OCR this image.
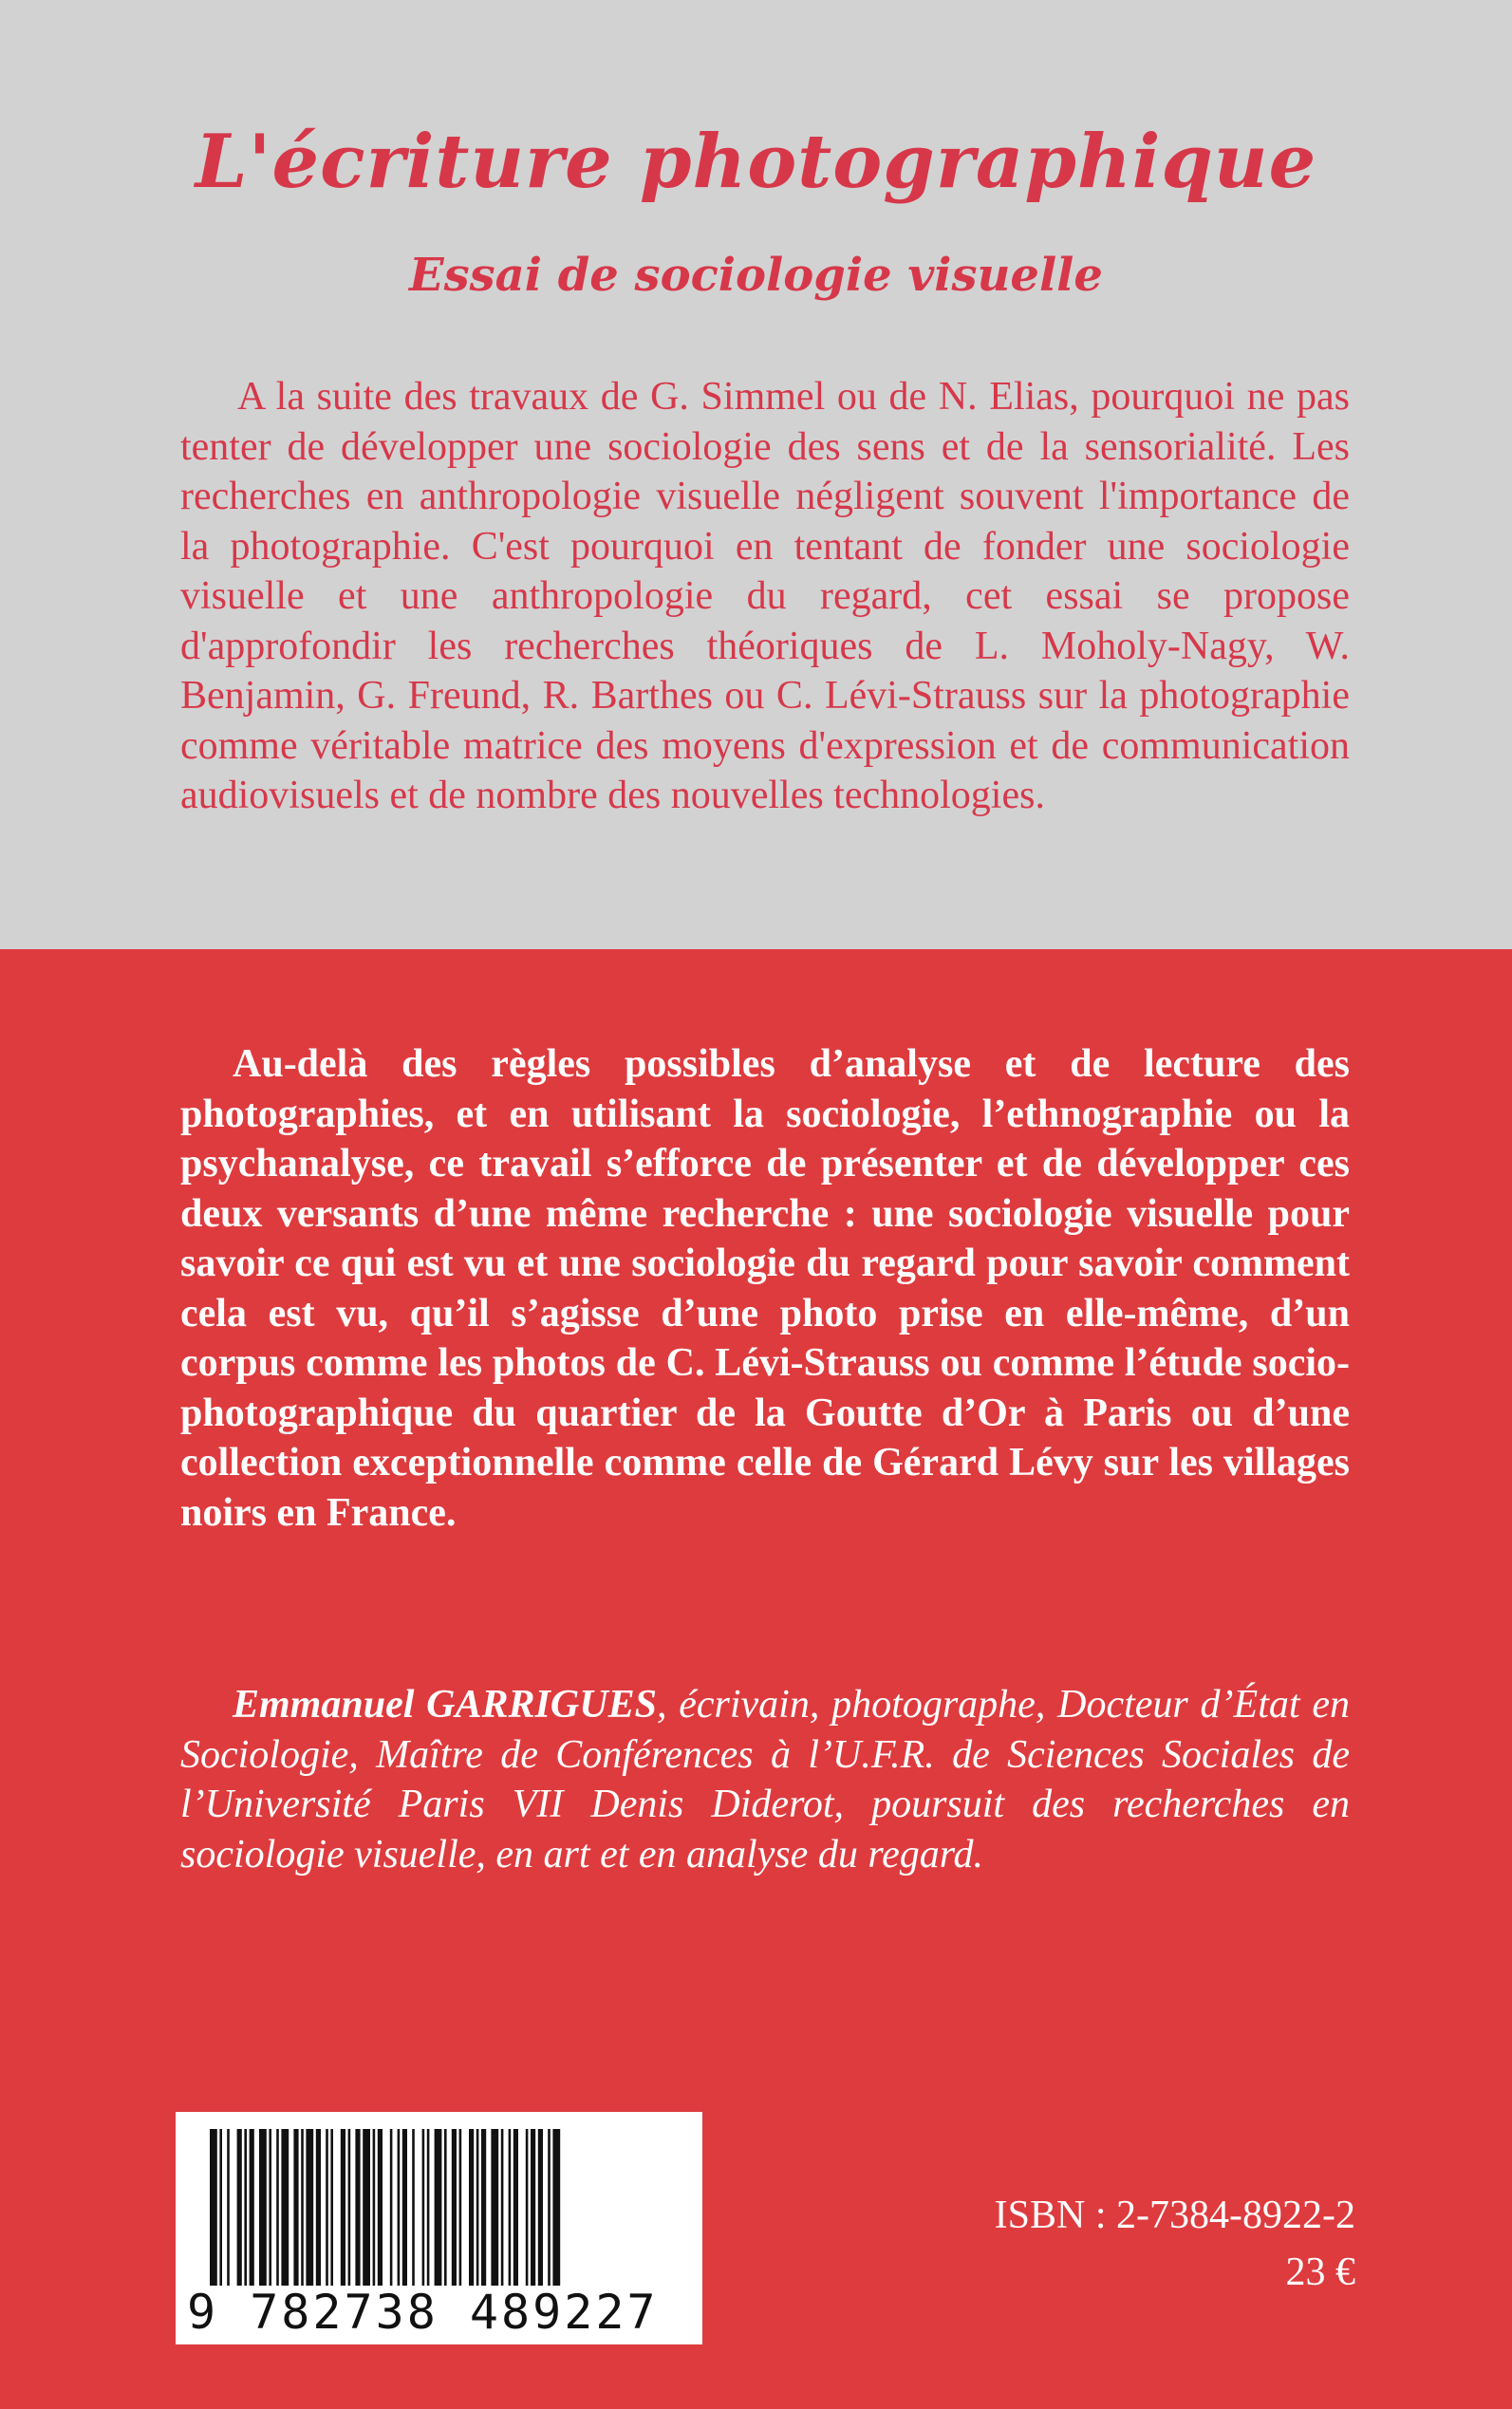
L'écriture photographique
Essai de sociologie visuelle

A la suite des travaux de G. Simmel ou de N. Elias, pourquoi ne pas tenter de développer une sociologie des sens et de la sensorialité. Les recherches en anthropologie visuelle négligent souvent l'importance de la photographie. C'est pourquoi en tentant de fonder une sociologie visuelle et une anthropologie du regard, cet essai se propose d'approfondir les recherches théoriques de L. Moholy-Nagy, W. Benjamin, G. Freund, R. Barthes ou C. Lévi-Strauss sur la photographie comme véritable matrice des moyens d'expression et de communication audiovisuels et de nombre des nouvelles technologies.

Au-delà des règles possibles d’analyse et de lecture des photographies, et en utilisant la sociologie, l’ethnographie ou la psychanalyse, ce travail s’efforce de présenter et de développer ces deux versants d’une même recherche : une sociologie visuelle pour savoir ce qui est vu et une sociologie du regard pour savoir comment cela est vu, qu’il s’agisse d’une photo prise en elle-même, d’un corpus comme les photos de C. Lévi-Strauss ou comme l’étude socio-photographique du quartier de la Goutte d’Or à Paris ou d’une collection exceptionnelle comme celle de Gérard Lévy sur les villages noirs en France.

Emmanuel GARRIGUES, écrivain, photographe, Docteur d’État en Sociologie, Maître de Conférences à l’U.F.R. de Sciences Sociales de l’Université Paris VII Denis Diderot, poursuit des recherches en sociologie visuelle, en art et en analyse du regard.

9 782738 489227
ISBN : 2-7384-8922-2
23 €
